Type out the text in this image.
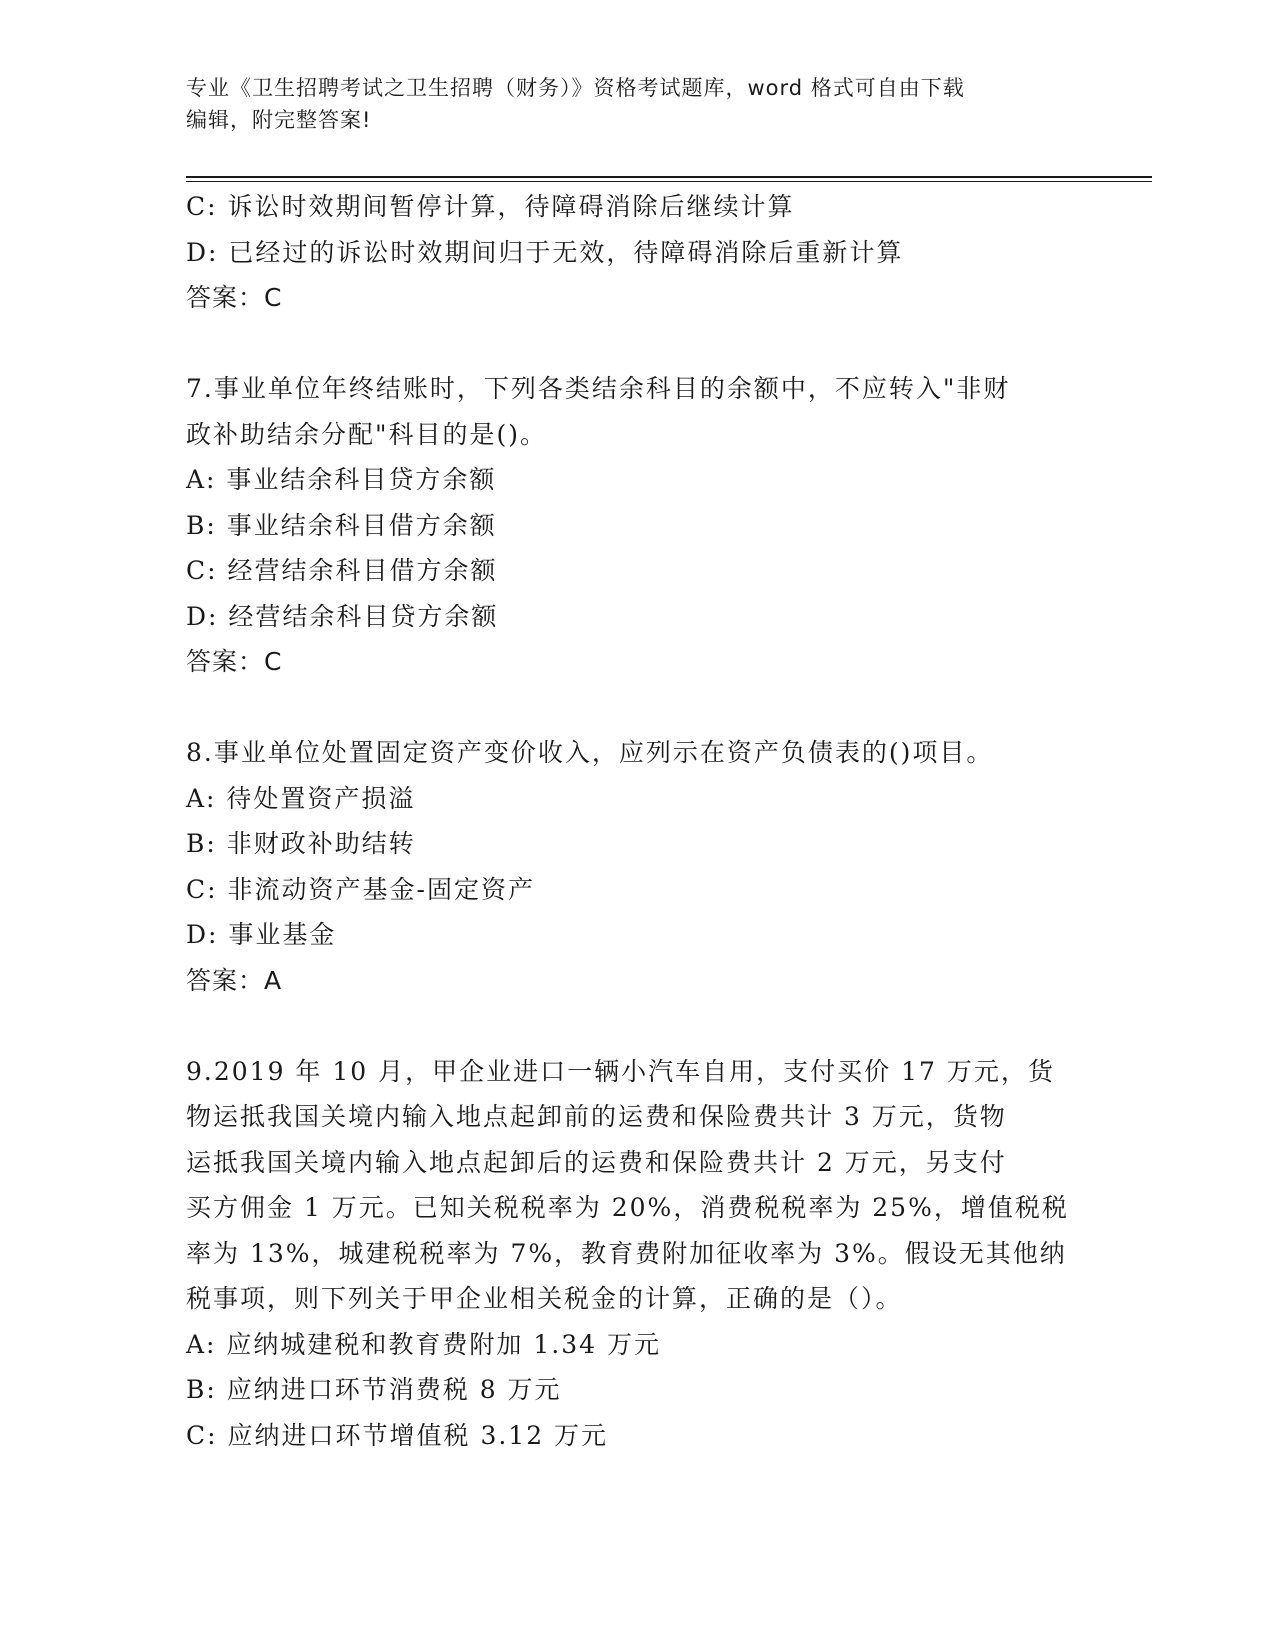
专业《卫生招聘考试之卫生招聘（财务）》资格考试题库，word 格式可自由下载
编辑，附完整答案!
C: 诉讼时效期间暂停计算，待障碍消除后继续计算
D: 已经过的诉讼时效期间归于无效，待障碍消除后重新计算
答案：C
7.事业单位年终结账时，下列各类结余科目的余额中，不应转入"非财
政补助结余分配"科目的是()。
A: 事业结余科目贷方余额
B: 事业结余科目借方余额
C: 经营结余科目借方余额
D: 经营结余科目贷方余额
答案：C
8.事业单位处置固定资产变价收入，应列示在资产负债表的()项目。
A: 待处置资产损溢
B: 非财政补助结转
C: 非流动资产基金-固定资产
D: 事业基金
答案：A
9.2019 年 10 月，甲企业进口一辆小汽车自用，支付买价 17 万元，货
物运抵我国关境内输入地点起卸前的运费和保险费共计 3 万元，货物
运抵我国关境内输入地点起卸后的运费和保险费共计 2 万元，另支付
买方佣金 1 万元。已知关税税率为 20%，消费税税率为 25%，增值税税
率为 13%，城建税税率为 7%，教育费附加征收率为 3%。假设无其他纳
税事项，则下列关于甲企业相关税金的计算，正确的是（）。
A: 应纳城建税和教育费附加 1.34 万元
B: 应纳进口环节消费税 8 万元
C: 应纳进口环节增值税 3.12 万元
